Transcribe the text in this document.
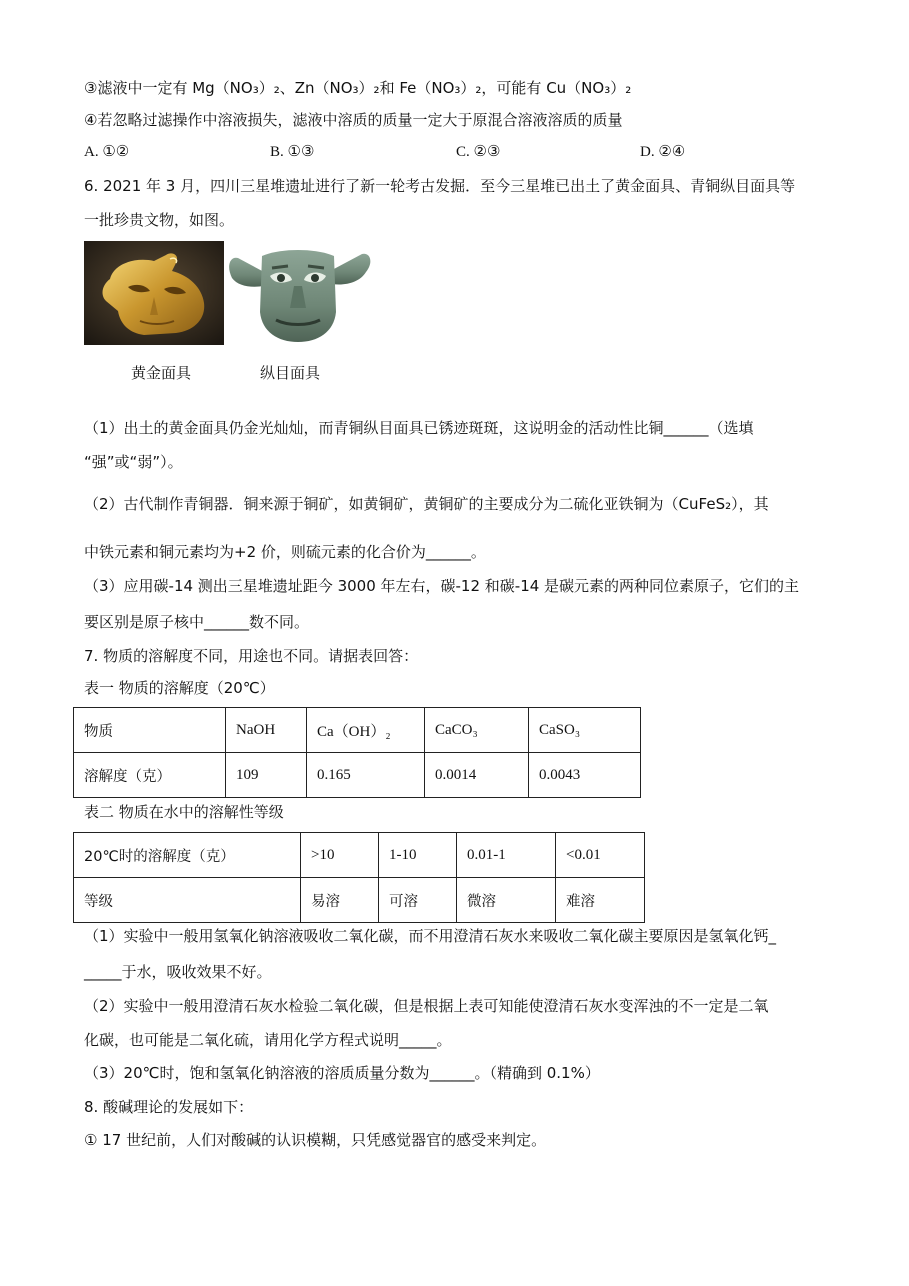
③滤液中一定有 Mg（NO₃）₂、Zn（NO₃）₂和 Fe（NO₃）₂，可能有 Cu（NO₃）₂
④若忽略过滤操作中溶液损失，滤液中溶质的质量一定大于原混合溶液溶质的质量
A. ①②	B. ①③	C. ②③	D. ②④
6. 2021 年 3 月，四川三星堆遗址进行了新一轮考古发掘．至今三星堆已出土了黄金面具、青铜纵目面具等
一批珍贵文物，如图。
黄金面具	纵目面具
（1）出土的黄金面具仍金光灿灿，而青铜纵目面具已锈迹斑斑，这说明金的活动性比铜______（选填
“强”或“弱”）。
（2）古代制作青铜器．铜来源于铜矿，如黄铜矿，黄铜矿的主要成分为二硫化亚铁铜为（CuFeS₂），其
中铁元素和铜元素均为+2 价，则硫元素的化合价为______。
（3）应用碳-14 测出三星堆遗址距今 3000 年左右，碳-12 和碳-14 是碳元素的两种同位素原子，它们的主
要区别是原子核中______数不同。
7. 物质的溶解度不同，用途也不同。请据表回答：
表一 物质的溶解度（20℃）
物质	NaOH	Ca（OH）₂	CaCO₃	CaSO₃
溶解度（克）	109	0.165	0.0014	0.0043
表二 物质在水中的溶解性等级
20℃时的溶解度（克）	>10	1-10	0.01-1	<0.01
等级	易溶	可溶	微溶	难溶
（1）实验中一般用氢氧化钠溶液吸收二氧化碳，而不用澄清石灰水来吸收二氧化碳主要原因是氢氧化钙_
_____于水，吸收效果不好。
（2）实验中一般用澄清石灰水检验二氧化碳，但是根据上表可知能使澄清石灰水变浑浊的不一定是二氧
化碳，也可能是二氧化硫，请用化学方程式说明_____。
（3）20℃时，饱和氢氧化钠溶液的溶质质量分数为______。（精确到 0.1%）
8. 酸碱理论的发展如下：
① 17 世纪前，人们对酸碱的认识模糊，只凭感觉器官的感受来判定。
